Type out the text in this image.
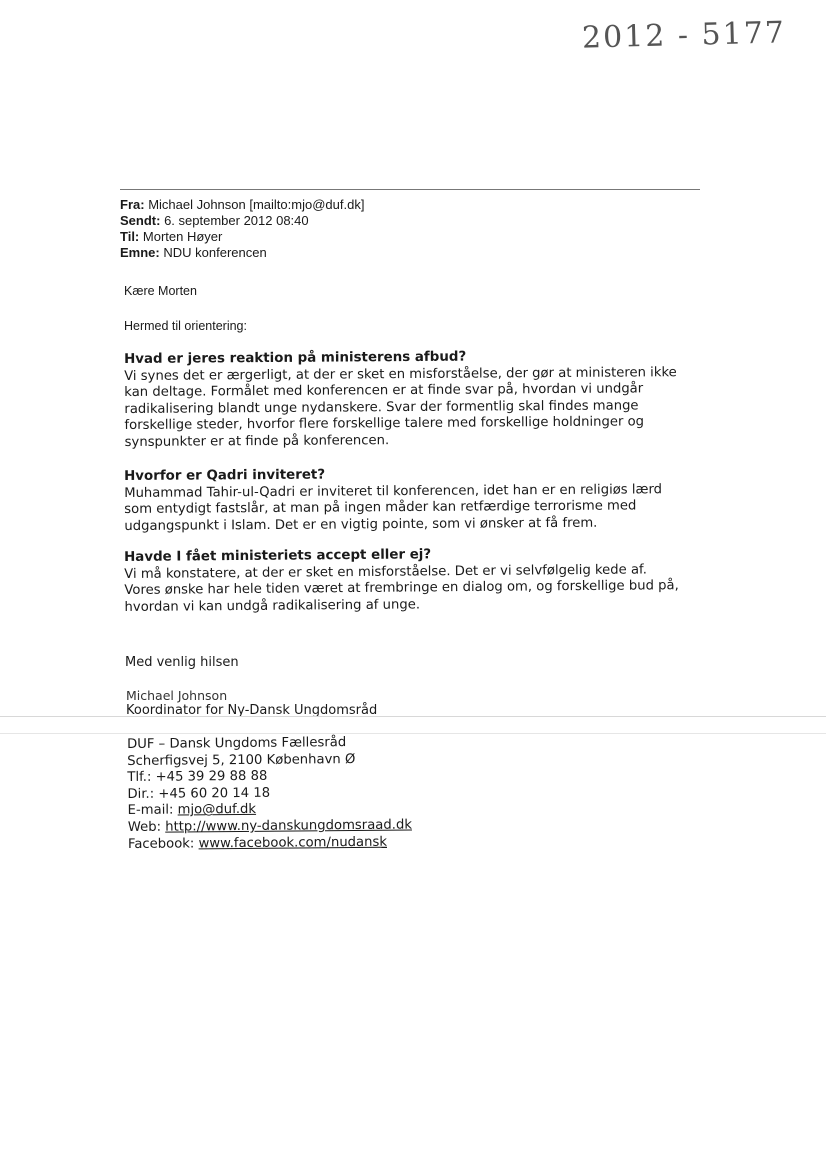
2012 - 5177
Fra: Michael Johnson [mailto:mjo@duf.dk]
Sendt: 6. september 2012 08:40
Til: Morten Høyer
Emne: NDU konferencen
Kære Morten
Hermed til orientering:
Hvad er jeres reaktion på ministerens afbud?

Vi synes det er ærgerligt, at der er sket en misforståelse, der gør at ministeren ikke

kan deltage. Formålet med konferencen er at finde svar på, hvordan vi undgår

radikalisering blandt unge nydanskere. Svar der formentlig skal findes mange

forskellige steder, hvorfor flere forskellige talere med forskellige holdninger og

synspunkter er at finde på konferencen.

Hvorfor er Qadri inviteret?

Muhammad Tahir-ul-Qadri er inviteret til konferencen, idet han er en religiøs lærd

som entydigt fastslår, at man på ingen måder kan retfærdige terrorisme med

udgangspunkt i Islam. Det er en vigtig pointe, som vi ønsker at få frem.

Havde I fået ministeriets accept eller ej?

Vi må konstatere, at der er sket en misforståelse. Det er vi selvfølgelig kede af.

Vores ønske har hele tiden været at frembringe en dialog om, og forskellige bud på,

hvordan vi kan undgå radikalisering af unge.

Med venlig hilsen
Michael Johnson
Koordinator for Ny-Dansk Ungdomsråd
DUF – Dansk Ungdoms Fællesråd
Scherfigsvej 5, 2100 København Ø
Tlf.: +45 39 29 88 88
Dir.: +45 60 20 14 18
E-mail: mjo@duf.dk
Web: http://www.ny-danskungdomsraad.dk
Facebook: www.facebook.com/nudansk
